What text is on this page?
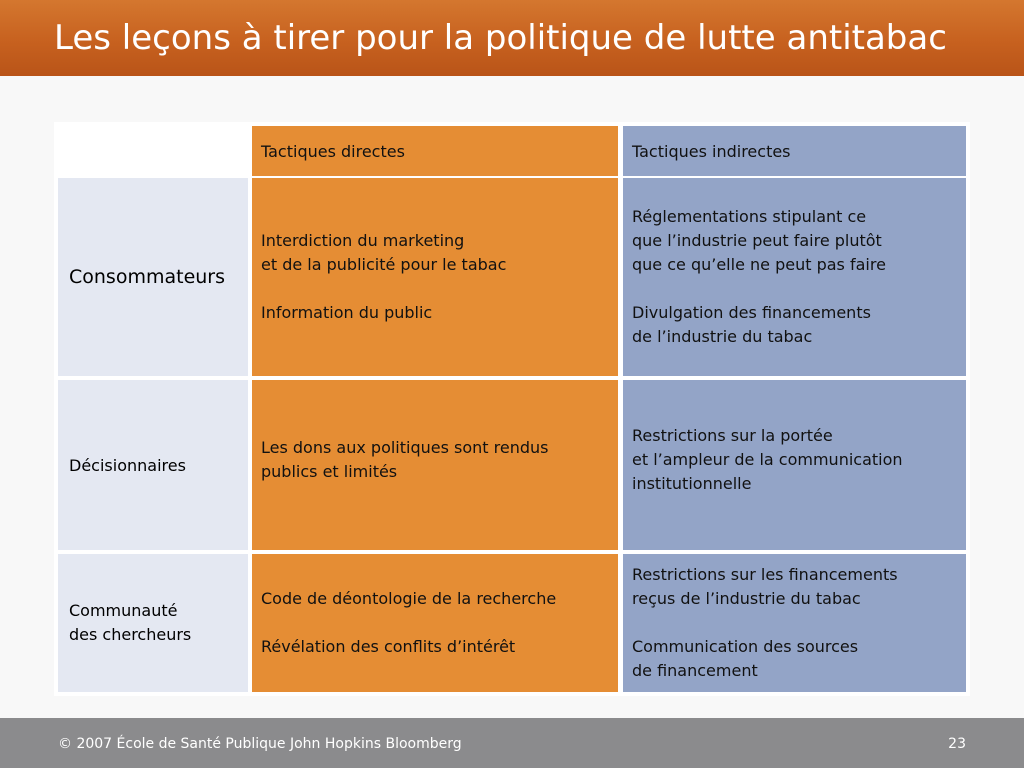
Les leçons à tirer pour la politique de lutte antitabac
Tactiques directes	Tactiques indirectes
Consommateurs
Interdiction du marketing
et de la publicité pour le tabac
Information du public
Réglementations stipulant ce
que l’industrie peut faire plutôt
que ce qu’elle ne peut pas faire
Divulgation des financements
de l’industrie du tabac
Décisionnaires
Les dons aux politiques sont rendus
publics et limités
Restrictions sur la portée
et l’ampleur de la communication
institutionnelle
Communauté
des chercheurs
Code de déontologie de la recherche
Révélation des conflits d’intérêt
Restrictions sur les financements
reçus de l’industrie du tabac
Communication des sources
de financement
© 2007 École de Santé Publique John Hopkins Bloomberg	23
